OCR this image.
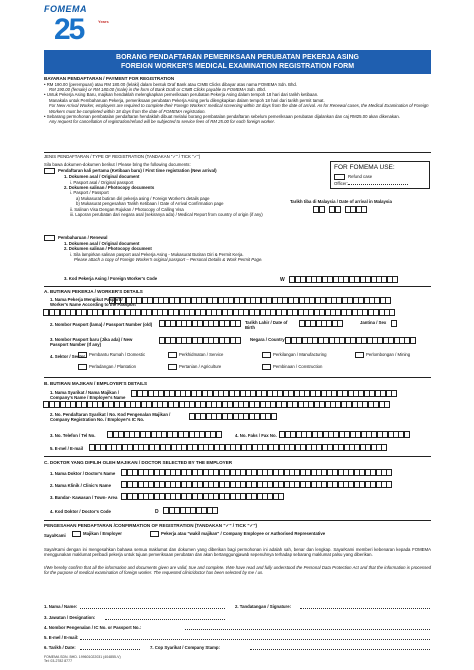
FOMEMA
25	Years
BORANG PENDAFTARAN PEMERIKSAAN PERUBATAN PEKERJA ASING
FOREIGN WORKER'S MEDICAL EXAMINATION REGISTRATION FORM
BAYARAN PENDAFTARAN / PAYMENT FOR REGISTRATION
• RM 190.00 (perempuan) atau RM 180.00 (lelaki) dalam bentuk Draf Bank atau CIMB Clicks dibayar atas nama FOMEMA Sdn. Bhd.
RM 190.00 (female) or RM 180.00 (male) in the form of Bank Draft or CIMB Clicks payable to FOMEMA Sdn. Bhd.
• Untuk Pekerja Asing Baru, majikan hendaklah melengkapkan pemeriksaan perubatan Pekerja Asing dalam tempoh 18 hari dari tarikh ketibaan.
Manakala untuk Pembaharuan Pekerja, pemeriksaan perubatan Pekerja Asing perlu dilengkapkan dalam tempoh 18 hari dari tarikh permit tamat.
For New Arrival Worker, employers are required to complete their Foreign Workers' medical screening within 18 days from the date of arrival. As for Renewal cases, the Medical Examination of Foreign Workers must be completed within 18 days from the date of FOMEMA registration.
• Sebarang permohonan pembatalan pendaftaran hendaklah dibuat melalui borang pembatalan pendaftaran sebelum pemeriksaan perubatan dijalankan dan caj RM25.00 akan dikenakan.
Any request for cancellation of registration/refund will be subjected to service fees of RM 25.00 for each foreign worker.
JENIS PENDAFTARAN / TYPE OF REGISTRATION (TANDAKAN "✓" / TICK "✓")
FOR FOMEMA USE:
Refund case
Officer:
Sila bawa dokumen-dokumen berikut / Please bring the following documents:
Pendaftaran kali pertama (Ketibaan baru) / First time registration (New arrival)
1. Dokumen asal / Original document
i. Pasport asal / Original passport
2. Dokumen salinan / Photocopy documents
i. Pasport / Passport
a) Mukasurat butiran diri pekerja asing / Foreign Worker's details page
b) Mukasurat pengesahan Tarikh Ketibaan / Date of Arrival Confirmation page
ii. Salinan Visa Dengan Rujukan / Photocopy of Calling Visa
iii. Laporan perubatan dari negara asal (sekiranya ada) / Medical Report from country of origin (if any)
Tarikh tiba di Malaysia / Date of arrival in Malaysia
Pembaharuan / Renewal
1. Dokumen asal / Original document
2. Dokumen salinan / Photocopy document
i. Sila lampirkan salinan pasport asal Pekerja Asing - Mukasurat Butiran Diri & Permit Kerja.
Please attach a copy of Foreign Worker's original passport – Personal Details & Work Permit Page.
3. Kod Pekerja Asing / Foreign Worker's Code	W
A. BUTIRAN PEKERJA / WORKER'S DETAILS
1. Nama Pekerja Mengikut Pasport / Worker's Name According to the Passport
2. Nombor Pasport (lama) / Passport Number (old)	Tarikh Lahir / Date of Birth
Jantina / Sex
3. Nombor Pasport baru (Jika ada) / New Passport Number (If any)
Negara / Country
4. Sektor / Sector Pembantu Rumah / Domestic	Perkhidmatan / Service	Perkilangan / Manufacturing	Perlombongan / Mining
Perladangan / Plantation	Pertanian / Agriculture	Pembinaan / Construction
B. BUTIRAN MAJIKAN / EMPLOYER'S DETAILS
1. Nama Syarikat / Nama Majikan / Company's Name / Employer's Name
2. No. Pendaftaran Syarikat / No. Kod Pengenalan Majikan / Company Registration No. / Employer's IC No.
3. No. Telefon / Tel No.	4. No. Faks / Fax No.
5. E-mel / E-mail
C. DOKTOR YANG DIPILIH OLEH MAJIKAN / DOCTOR SELECTED BY THE EMPLOYER
1. Nama Doktor / Doctor's Name
2. Nama Klinik / Clinic's Name
3. Bandar- Kawasan / Town- Area
4. Kod Doktor / Doctor's Code	D
PENGESAHAN PENDAFTARAN /CONFIRMATION OF REGISTRATION (TANDAKAN "✓" / TICK "✓")
Saya/Kami	Majikan / Employer	Pekerja atau "wakil majikan" / Company Employee or Authorised Representative
Saya/Kami dengan ini mengesahkan bahawa semua maklumat dan dokumen yang diberikan bagi permohonan ini adalah sah, benar dan lengkap. Saya/Kami memberi kebenaran kepada FOMEMA menggunakan maklumat peribadi pekerja untuk tujuan pemeriksaan perubatan dan akan bertanggungjawab sepenuhnya terhadap sebarang maklumat palsu yang diberikan.
I/We hereby confirm that all the information and documents given are valid, true and complete. I/We have read and fully understood the Personal Data Protection Act and that the information is processed for the purpose of medical examination of foreign worker. The requested clinic/doctor has been selected by me / us.
1. Nama / Name:	2. Tandatangan / Signature:
3. Jawatan / Designation:
4. Nombor Pengenalan / IC No. or Passport No.:
5. E-mel / E-mail:
6. Tarikh / Date:	7. Cop Syarikat / Company Stamp:
FOMEMA SDN. BHD. 199601022031 (404855-V)
Tel: 03-2782 8777
